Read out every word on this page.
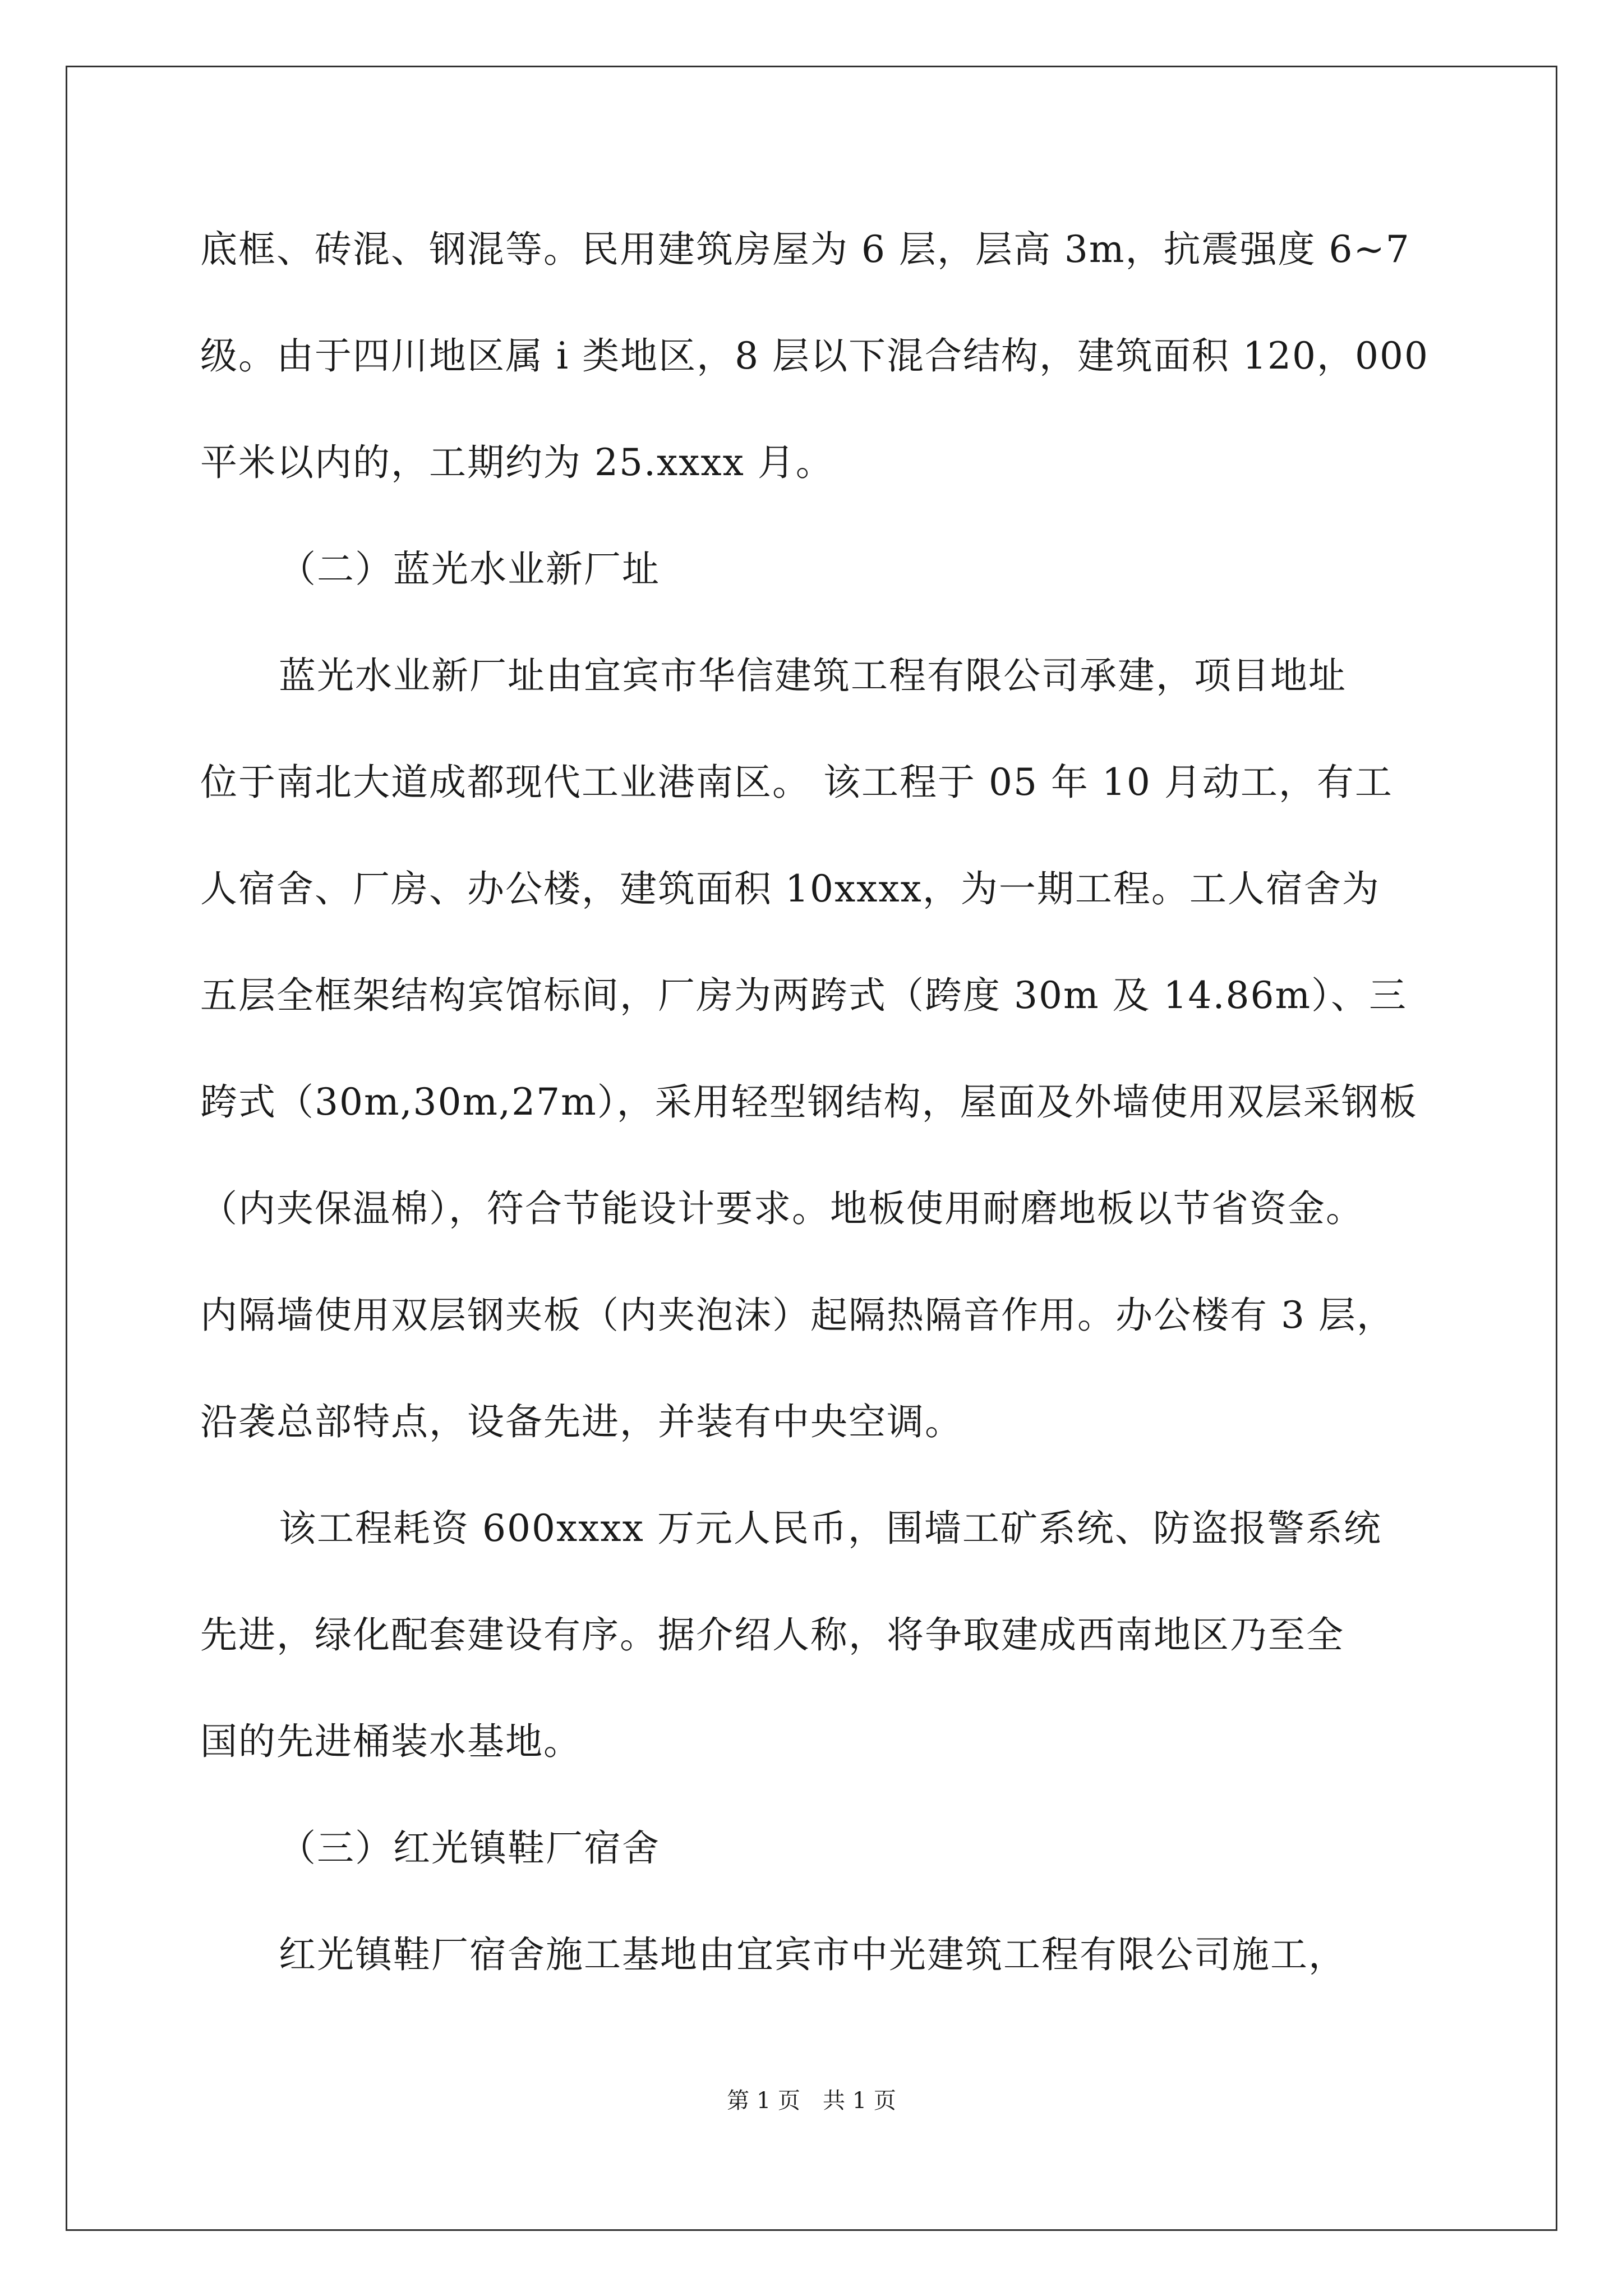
底框、砖混、钢混等。民用建筑房屋为 6 层，层高 3m，抗震强度 6~7
级。由于四川地区属 i 类地区，8 层以下混合结构，建筑面积 120，000
平米以内的，工期约为 25.xxxx 月。
（二）蓝光水业新厂址
蓝光水业新厂址由宜宾市华信建筑工程有限公司承建，项目地址
位于南北大道成都现代工业港南区。 该工程于 05 年 10 月动工，有工
人宿舍、厂房、办公楼，建筑面积 10xxxx，为一期工程。工人宿舍为
五层全框架结构宾馆标间，厂房为两跨式（跨度 30m 及 14.86m）、三
跨式（30m,30m,27m），采用轻型钢结构，屋面及外墙使用双层采钢板
（内夹保温棉），符合节能设计要求。地板使用耐磨地板以节省资金。
内隔墙使用双层钢夹板（内夹泡沫）起隔热隔音作用。办公楼有 3 层，
沿袭总部特点，设备先进，并装有中央空调。
该工程耗资 600xxxx 万元人民币，围墙工矿系统、防盗报警系统
先进，绿化配套建设有序。据介绍人称，将争取建成西南地区乃至全
国的先进桶装水基地。
（三）红光镇鞋厂宿舍
红光镇鞋厂宿舍施工基地由宜宾市中光建筑工程有限公司施工，
第 1 页　共 1 页
